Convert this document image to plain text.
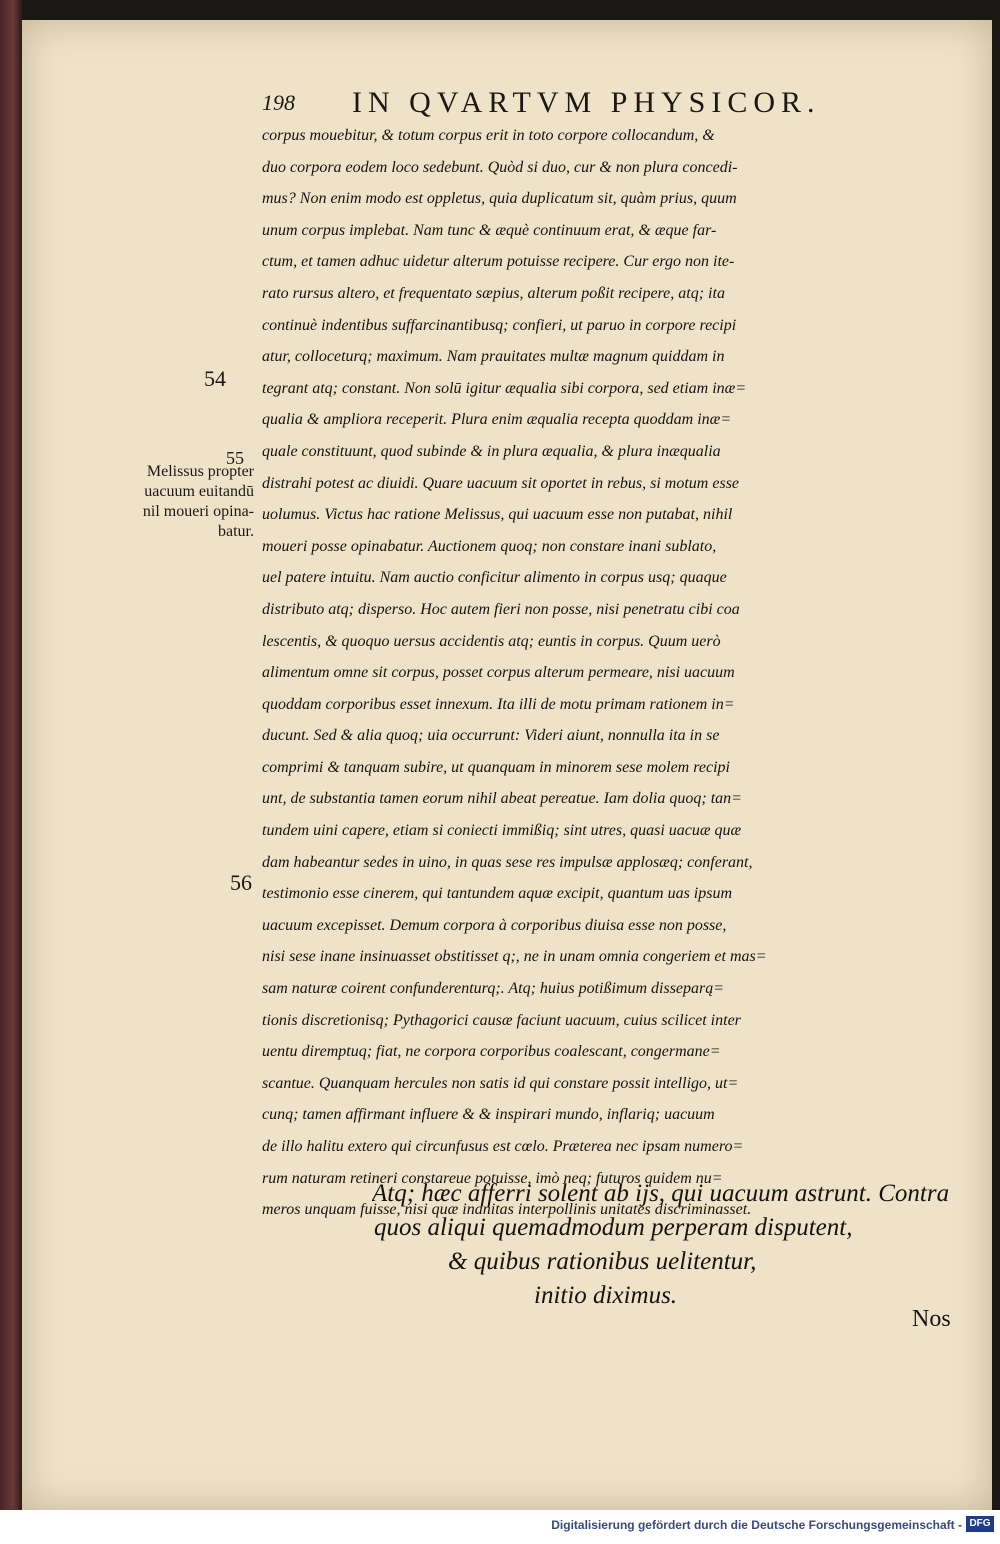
198 IN QVARTVM PHYSICOR.
corpus mouebitur, & totum corpus erit in toto corpore collocandum, &
duo corpora eodem loco sedebunt. Quòd si duo, cur & non plura concedi-
mus? Non enim modo est oppletus, quia duplicatum sit, quàm prius, quum
unum corpus implebat. Nam tunc & æquè continuum erat, & æque far-
ctum, et tamen adhuc uidetur alterum potuisse recipere. Cur ergo non ite-
rato rursus altero, et frequentato sæpius, alterum poßit recipere, atq; ita
continuè indentibus suffarcinantibusq; confieri, ut paruo in corpore recipi
atur, colloceturq; maximum. Nam prauitates multæ magnum quiddam in
tegrant atq; constant. Non solū igitur æqualia sibi corpora, sed etiam inæ=
qualia & ampliora receperit. Plura enim æqualia recepta quoddam inæ=
quale constituunt, quod subinde & in plura æqualia, & plura inæqualia
distrahi potest ac diuidi. Quare uacuum sit oportet in rebus, si motum esse
uolumus. Victus hac ratione Melissus, qui uacuum esse non putabat, nihil
moueri posse opinabatur. Auctionem quoq; non constare inani sublato,
uel patere intuitu. Nam auctio conficitur alimento in corpus usq; quaque
distributo atq; disperso. Hoc autem fieri non posse, nisi penetratu cibi coa
lescentis, & quoquo uersus accidentis atq; euntis in corpus. Quum uerò
alimentum omne sit corpus, posset corpus alterum permeare, nisi uacuum
quoddam corporibus esset innexum. Ita illi de motu primam rationem in=
ducunt. Sed & alia quoq; uia occurrunt: Videri aiunt, nonnulla ita in se
comprimi & tanquam subire, ut quanquam in minorem sese molem recipi
unt, de substantia tamen eorum nihil abeat pereatue. Iam dolia quoq; tan=
tundem uini capere, etiam si coniecti immißiq; sint utres, quasi uacuæ quæ
dam habeantur sedes in uino, in quas sese res impulsæ applosæq; conferant,
testimonio esse cinerem, qui tantundem aquæ excipit, quantum uas ipsum
uacuum excepisset. Demum corpora à corporibus diuisa esse non posse,
nisi sese inane insinuasset obstitisset q;, ne in unam omnia congeriem et mas=
sam naturæ coirent confunderenturq;. Atq; huius potißimum disseparą=
tionis discretionisq; Pythagorici causæ faciunt uacuum, cuius scilicet inter
uentu diremptuq; fiat, ne corpora corporibus coalescant, congermane=
scantue. Quanquam hercules non satis id qui constare possit intelligo, ut=
cunq; tamen affirmant influere & & inspirari mundo, inflariq; uacuum
de illo halitu extero qui circunfusus est cœlo. Præterea nec ipsam numero=
rum naturam retineri constareue potuisse, imò neq; futuros quidem nu=
meros unquam fuisse, nisi quæ inanitas interpollinis unitates discriminasset.
Atq; hæc afferri solent ab ijs, qui uacuum astrunt. Contra
quos aliqui quemadmodum perperam disputent,
& quibus rationibus uelitentur,
initio diximus.
54
55
56
Melissus propter
uacuum euitandū
nil moueri opina-
batur.
Nos
Digitalisierung gefördert durch die Deutsche Forschungsgemeinschaft - DFG
